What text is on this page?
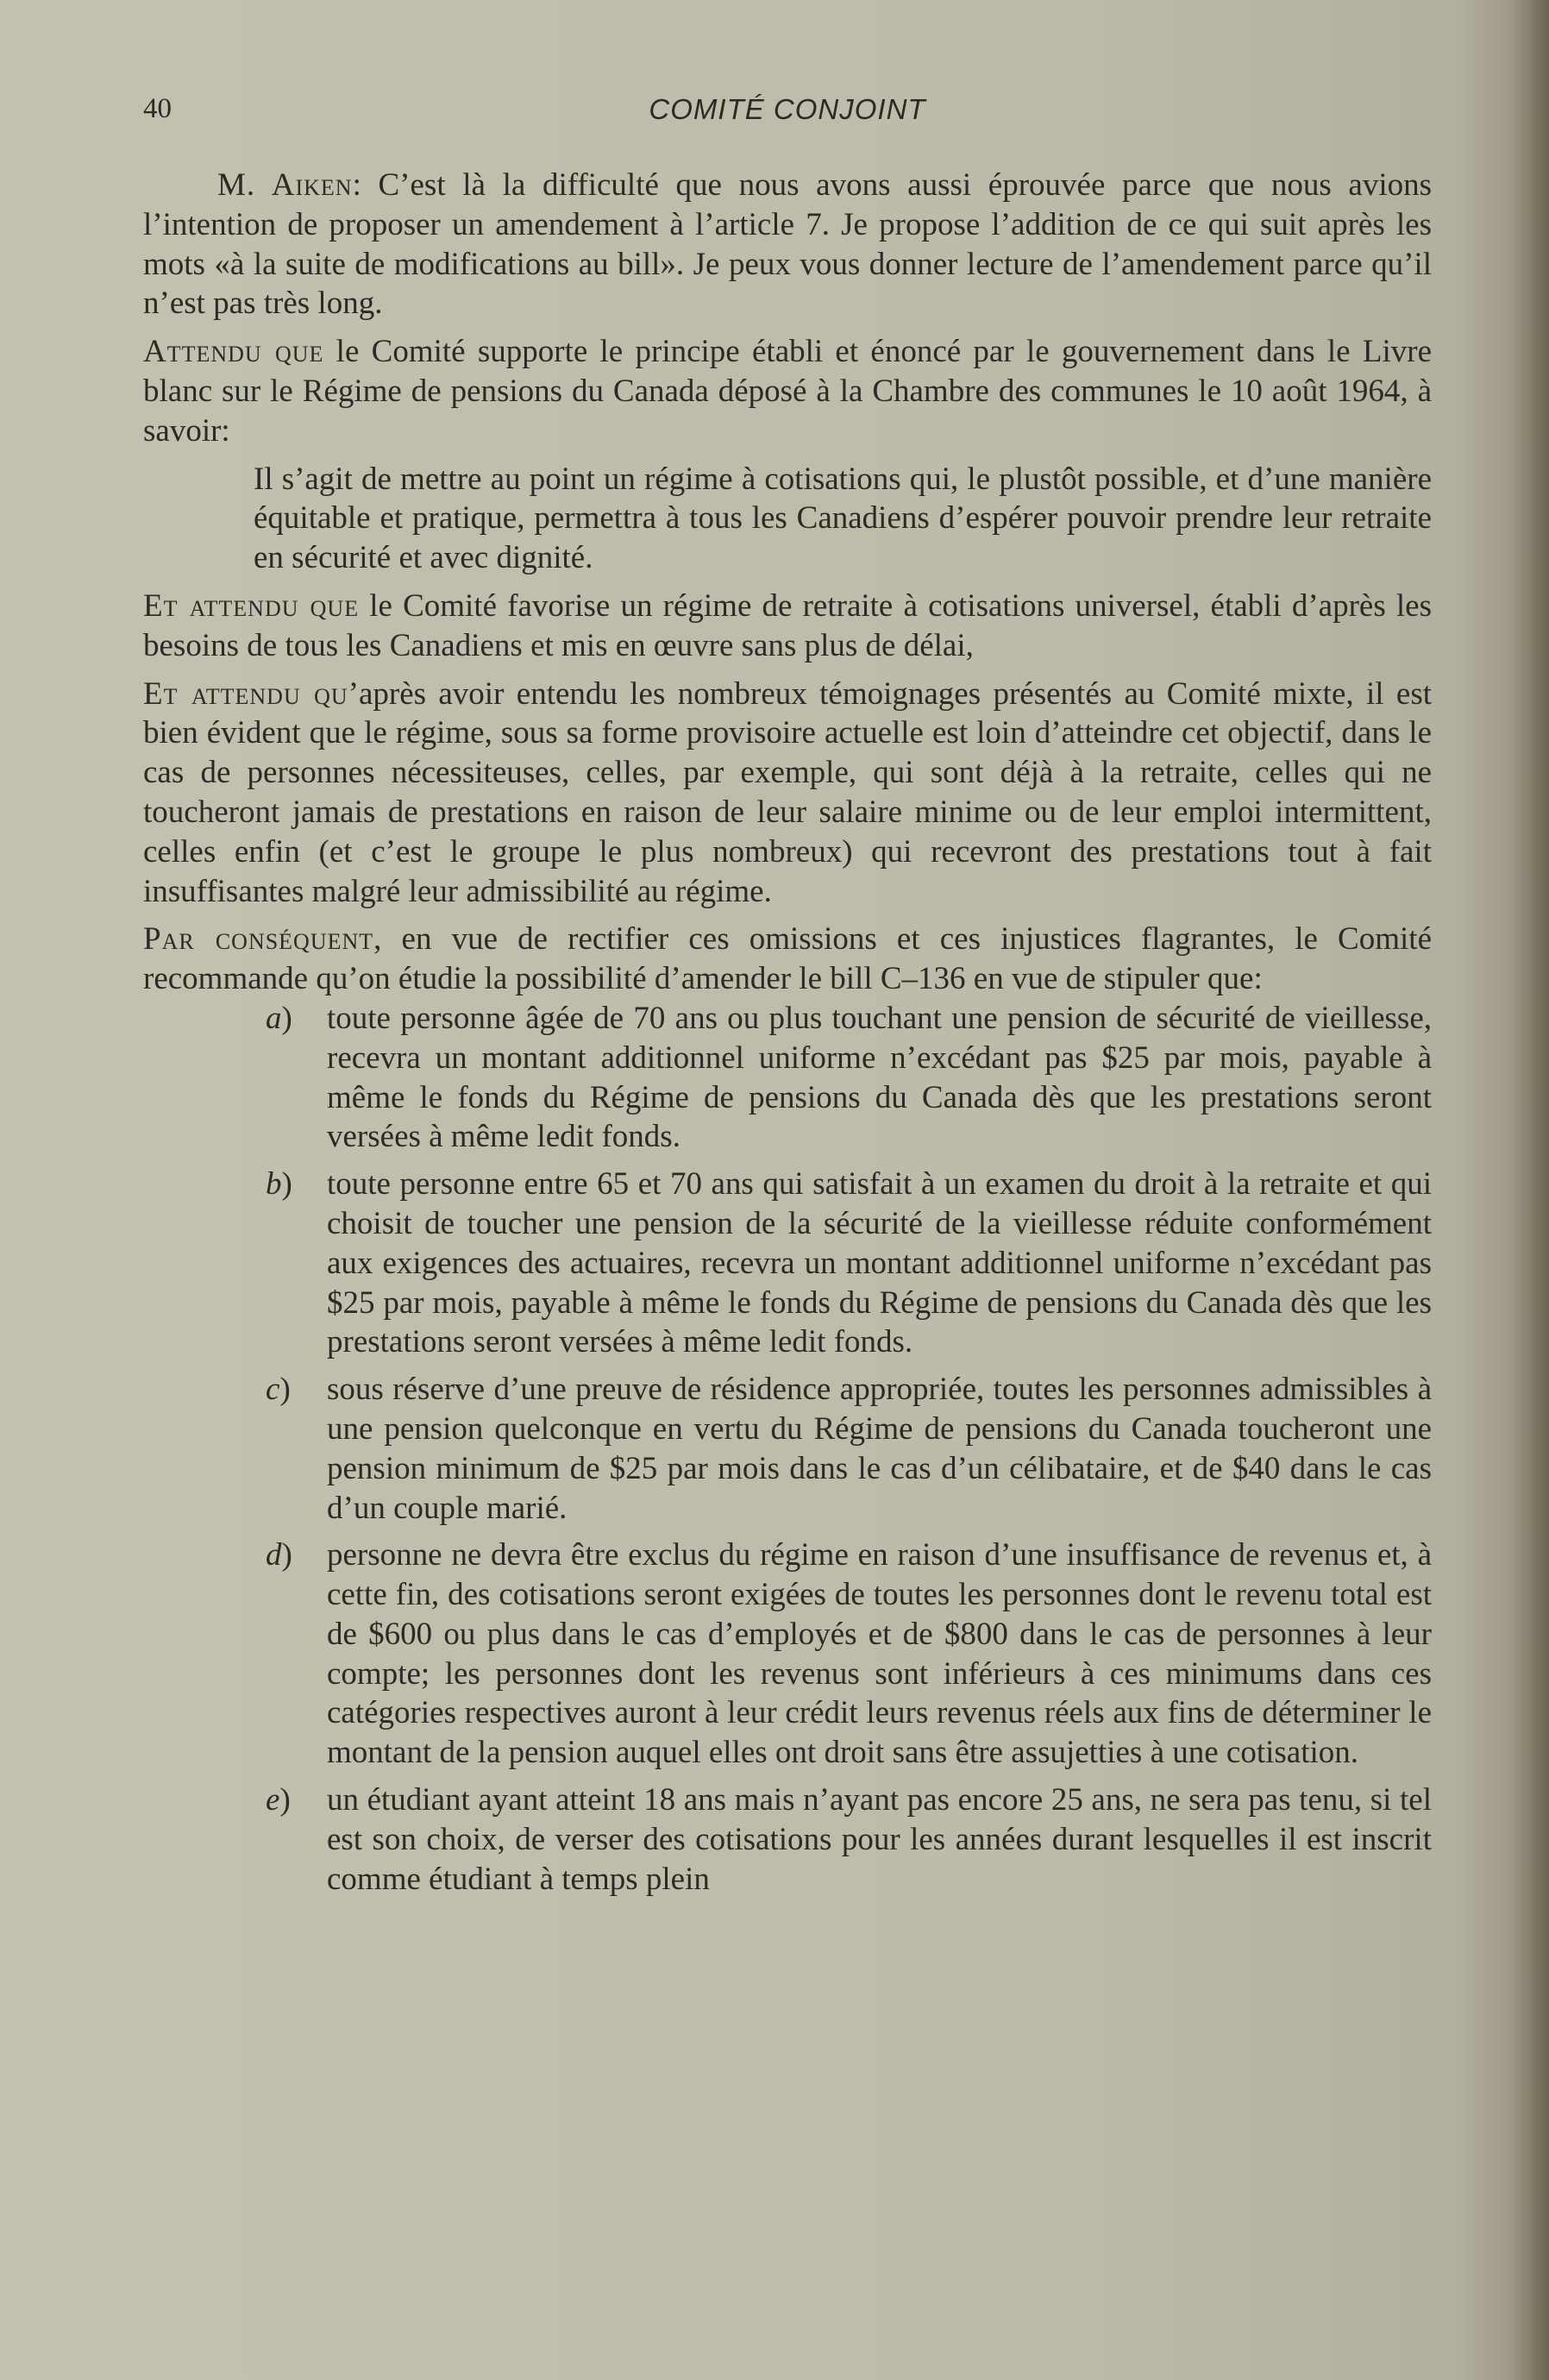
40	COMITÉ CONJOINT

M. Aiken: C’est là la difficulté que nous avons aussi éprouvée parce que nous avions l’intention de proposer un amendement à l’article 7. Je propose l’addition de ce qui suit après les mots «à la suite de modifications au bill». Je peux vous donner lecture de l’amendement parce qu’il n’est pas très long.

Attendu que le Comité supporte le principe établi et énoncé par le gouvernement dans le Livre blanc sur le Régime de pensions du Canada déposé à la Chambre des communes le 10 août 1964, à savoir:

Il s’agit de mettre au point un régime à cotisations qui, le plustôt possible, et d’une manière équitable et pratique, permettra à tous les Canadiens d’espérer pouvoir prendre leur retraite en sécurité et avec dignité.

Et attendu que le Comité favorise un régime de retraite à cotisations universel, établi d’après les besoins de tous les Canadiens et mis en œuvre sans plus de délai,

Et attendu qu’après avoir entendu les nombreux témoignages présentés au Comité mixte, il est bien évident que le régime, sous sa forme provisoire actuelle est loin d’atteindre cet objectif, dans le cas de personnes nécessiteuses, celles, par exemple, qui sont déjà à la retraite, celles qui ne toucheront jamais de prestations en raison de leur salaire minime ou de leur emploi intermittent, celles enfin (et c’est le groupe le plus nombreux) qui recevront des prestations tout à fait insuffisantes malgré leur admissibilité au régime.

Par conséquent, en vue de rectifier ces omissions et ces injustices flagrantes, le Comité recommande qu’on étudie la possibilité d’amender le bill C–136 en vue de stipuler que:

a)	toute personne âgée de 70 ans ou plus touchant une pension de sécurité de vieillesse, recevra un montant additionnel uniforme n’excédant pas $25 par mois, payable à même le fonds du Régime de pensions du Canada dès que les prestations seront versées à même ledit fonds.
b)	toute personne entre 65 et 70 ans qui satisfait à un examen du droit à la retraite et qui choisit de toucher une pension de la sécurité de la vieillesse réduite conformément aux exigences des actuaires, recevra un montant additionnel uniforme n’excédant pas $25 par mois, payable à même le fonds du Régime de pensions du Canada dès que les prestations seront versées à même ledit fonds.
c)	sous réserve d’une preuve de résidence appropriée, toutes les personnes admissibles à une pension quelconque en vertu du Régime de pensions du Canada toucheront une pension minimum de $25 par mois dans le cas d’un célibataire, et de $40 dans le cas d’un couple marié.
d)	personne ne devra être exclus du régime en raison d’une insuffisance de revenus et, à cette fin, des cotisations seront exigées de toutes les personnes dont le revenu total est de $600 ou plus dans le cas d’employés et de $800 dans le cas de personnes à leur compte; les personnes dont les revenus sont inférieurs à ces minimums dans ces catégories respectives auront à leur crédit leurs revenus réels aux fins de déterminer le montant de la pension auquel elles ont droit sans être assujetties à une cotisation.
e)	un étudiant ayant atteint 18 ans mais n’ayant pas encore 25 ans, ne sera pas tenu, si tel est son choix, de verser des cotisations pour les années durant lesquelles il est inscrit comme étudiant à temps plein
